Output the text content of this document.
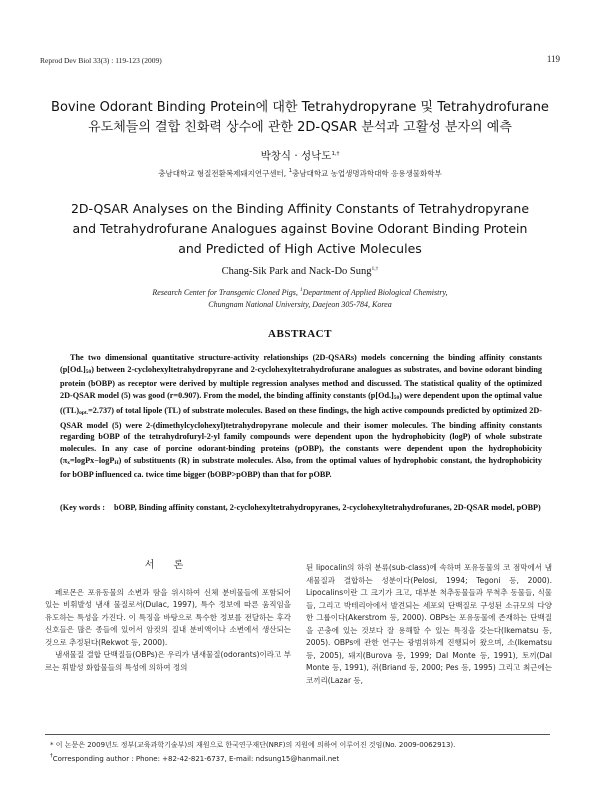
Reprod Dev Biol 33(3) : 119-123 (2009)	119
Bovine Odorant Binding Protein에 대한 Tetrahydropyrane 및 Tetrahydrofurane
유도체들의 결합 친화력 상수에 관한 2D-QSAR 분석과 고활성 분자의 예측
박창식 · 성낙도$^{1,\dagger}$
충남대학교 형질전환복제돼지연구센터, $^1$충남대학교 농업생명과학대학 응용생물화학부
2D-QSAR Analyses on the Binding Affinity Constants of Tetrahydropyrane
and Tetrahydrofurane Analogues against Bovine Odorant Binding Protein
and Predicted of High Active Molecules
Chang-Sik Park and Nack-Do Sung$^{1,\dagger}$
Research Center for Transgenic Cloned Pigs, $^1$Department of Applied Biological Chemistry,
Chungnam National University, Daejeon 305-784, Korea
ABSTRACT

The two dimensional quantitative structure-activity relationships (2D-QSARs) models concerning the binding affinity constants (p[Od.]50) between 2-cyclohexyltetrahydropyrane and 2-cyclohexyltetrahydrofurane analogues as substrates, and bovine odorant binding protein (bOBP) as receptor were derived by multiple regression analyses method and discussed. The statistical quality of the optimized 2D-QSAR model (5) was good (r=0.907). From the model, the binding affinity constants (p[Od.]50) were dependent upon the optimal value ((TL)opt.=2.737) of total lipole (TL) of substrate molecules. Based on these findings, the high active compounds predicted by optimized 2D-QSAR model (5) were 2-(dimethylcyclohexyl)tetrahydropyrane molecule and their isomer molecules. The binding affinity constants regarding bOBP of the tetrahydrofuryl-2-yl family compounds were dependent upon the hydrophobicity (logP) of whole substrate molecules. In any case of porcine odorant-binding proteins (pOBP), the constants were dependent upon the hydrophobicity (πx=logPx−logPH) of substituents (R) in substrate molecules. Also, from the optimal values of hydrophobic constant, the hydrophobicity for bOBP influenced ca. twice time bigger (bOBP>pOBP) than that for pOBP.

(Key words : bOBP, Binding affinity constant, 2-cyclohexyltetrahydropyranes, 2-cyclohexyltetrahydrofuranes, 2D-QSAR model, pOBP)

서 론

페로몬은 포유동물의 소변과 땀을 위시하여 신체 분비물들에 포함되어 있는 비휘발성 냄새 물질로서(Dulac, 1997), 특수 정보에 따른 움직임을 유도하는 특성을 가진다. 이 특징을 바탕으로 특수한 정보를 전달하는 후각 신호들은 많은 종들에 있어서 암컷의 질내 분비액이나 소변에서 생산되는 것으로 추정된다(Rekwot 등, 2000).

냄새물질 결합 단백질들(OBPs)은 우리가 냄새물질(odorants)이라고 부르는 휘발성 화합물들의 특성에 의하여 정의

된 lipocalin의 하위 분류(sub-class)에 속하며 포유동물의 코 점막에서 냄새물질과 결합하는 성분이다(Pelosi, 1994; Tegoni 등, 2000). Lipocalins이란 그 크기가 크고, 대부분 척추동물들과 무척추 동물들, 식물들, 그리고 박테리아에서 발견되는 세포외 단백질로 구성된 소규모의 다양한 그룹이다(Akerstrom 등, 2000). OBPs는 포유동물에 존재하는 단백질을 곤충에 있는 것보다 잘 용해할 수 있는 특징을 갖는다(Ikematsu 등, 2005). OBPs에 관한 연구는 광범위하게 진행되어 왔으며, 소(Ikematsu 등, 2005), 돼지(Burova 등, 1999; Dal Monte 등, 1991), 토끼(Dal Monte 등, 1991), 쥐(Briand 등, 2000; Pes 등, 1995) 그리고 최근에는 코끼리(Lazar 등,

* 이 논문은 2009년도 정부(교육과학기술부)의 재원으로 한국연구재단(NRF)의 지원에 의하여 이루어진 것임(No. 2009-0062913).
†Corresponding author : Phone: +82-42-821-6737, E-mail: ndsung15@hanmail.net
